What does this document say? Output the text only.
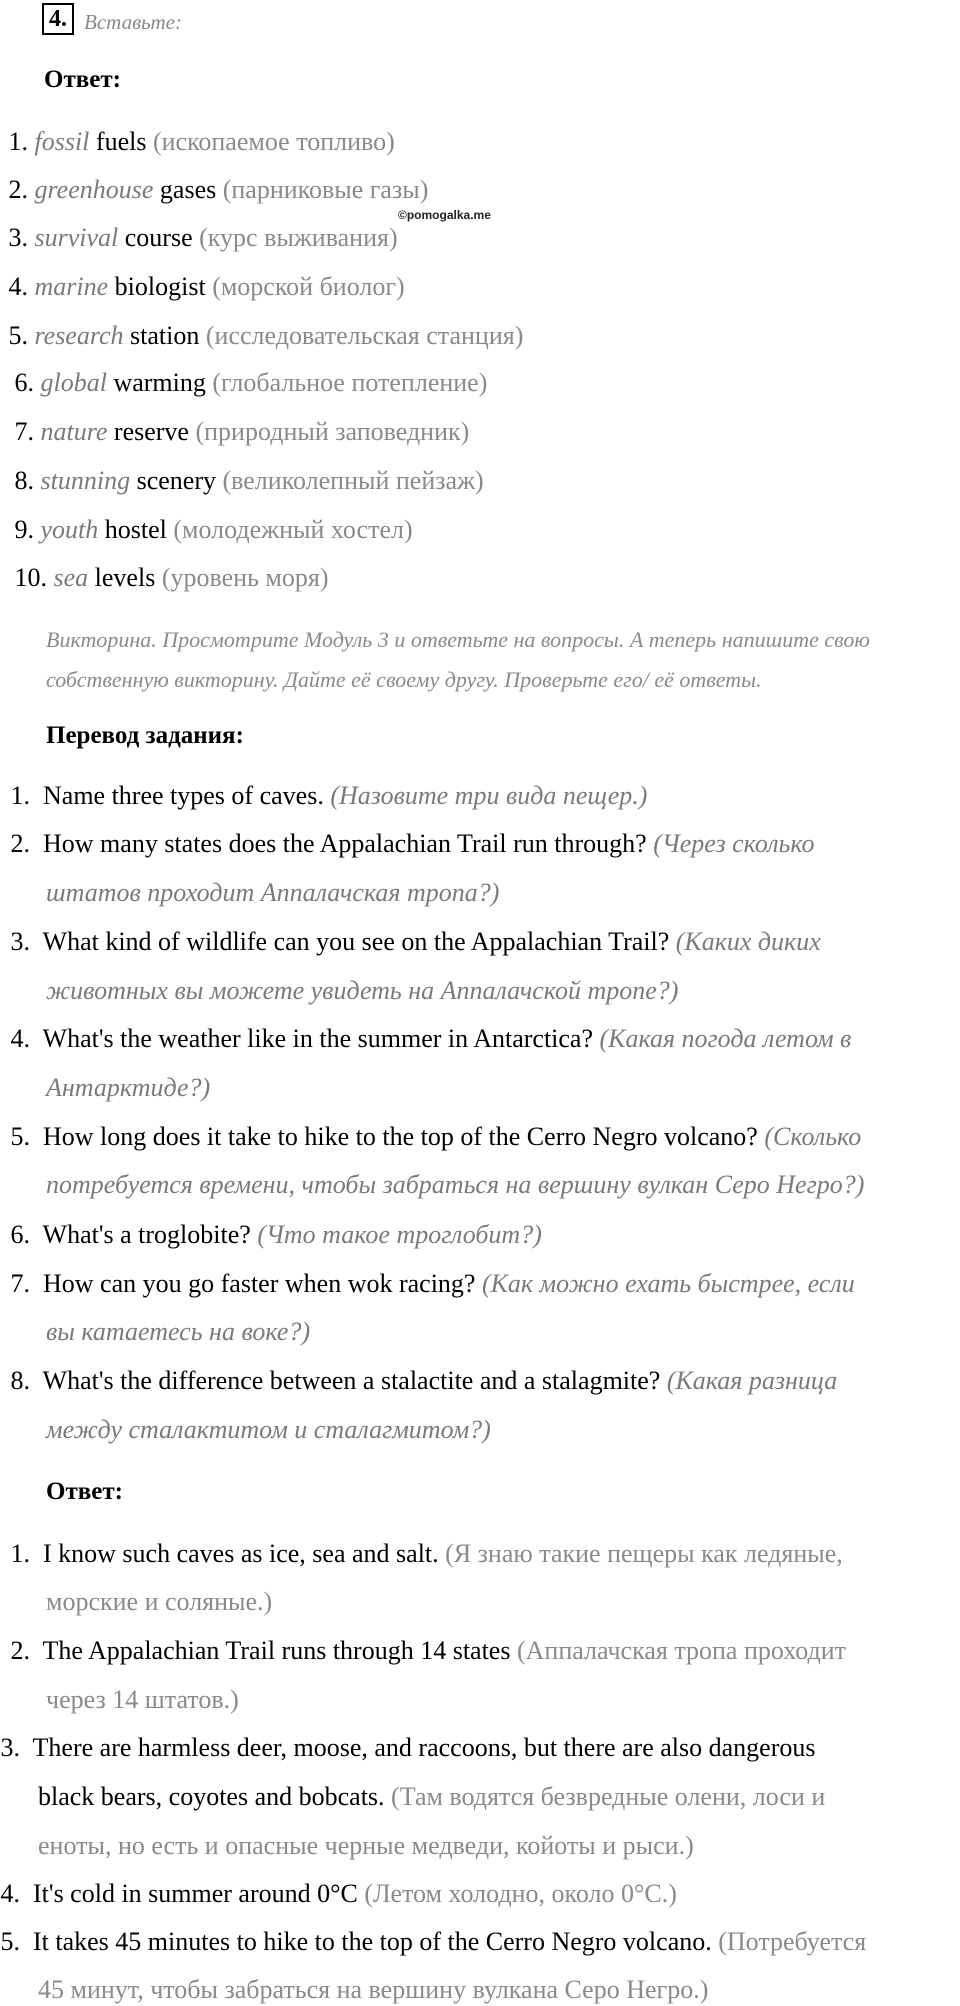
4. Вставьте:
Ответ:
1. fossil fuels (ископаемое топливо)
2. greenhouse gases (парниковые газы)
3. survival course (курс выживания)
4. marine biologist (морской биолог)
5. research station (исследовательская станция)
6. global warming (глобальное потепление)
7. nature reserve (природный заповедник)
8. stunning scenery (великолепный пейзаж)
9. youth hostel (молодежный хостел)
10. sea levels (уровень моря)
©pomogalka.me
Викторина. Просмотрите Модуль 3 и ответьте на вопросы. А теперь напишите свою
собственную викторину. Дайте её своему другу. Проверьте его/ её ответы.
Перевод задания:
1. Name three types of caves. (Назовите три вида пещер.)
2. How many states does the Appalachian Trail run through? (Через сколько
штатов проходит Аппалачская тропа?)
3. What kind of wildlife can you see on the Appalachian Trail? (Каких диких
животных вы можете увидеть на Аппалачской тропе?)
4. What's the weather like in the summer in Antarctica? (Какая погода летом в
Антарктиде?)
5. How long does it take to hike to the top of the Cerro Negro volcano? (Сколько
потребуется времени, чтобы забраться на вершину вулкан Серо Негро?)
6. What's a troglobite? (Что такое троглобит?)
7. How can you go faster when wok racing? (Как можно ехать быстрее, если
вы катаетесь на воке?)
8. What's the difference between a stalactite and a stalagmite? (Какая разница
между сталактитом и сталагмитом?)
Ответ:
1. I know such caves as ice, sea and salt. (Я знаю такие пещеры как ледяные,
морские и соляные.)
2. The Appalachian Trail runs through 14 states (Аппалачская тропа проходит
через 14 штатов.)
3. There are harmless deer, moose, and raccoons, but there are also dangerous
black bears, coyotes and bobcats. (Там водятся безвредные олени, лоси и
еноты, но есть и опасные черные медведи, койоты и рыси.)
4. It's cold in summer around 0°C (Летом холодно, около 0°C.)
5. It takes 45 minutes to hike to the top of the Cerro Negro volcano. (Потребуется
45 минут, чтобы забраться на вершину вулкана Серо Негро.)
